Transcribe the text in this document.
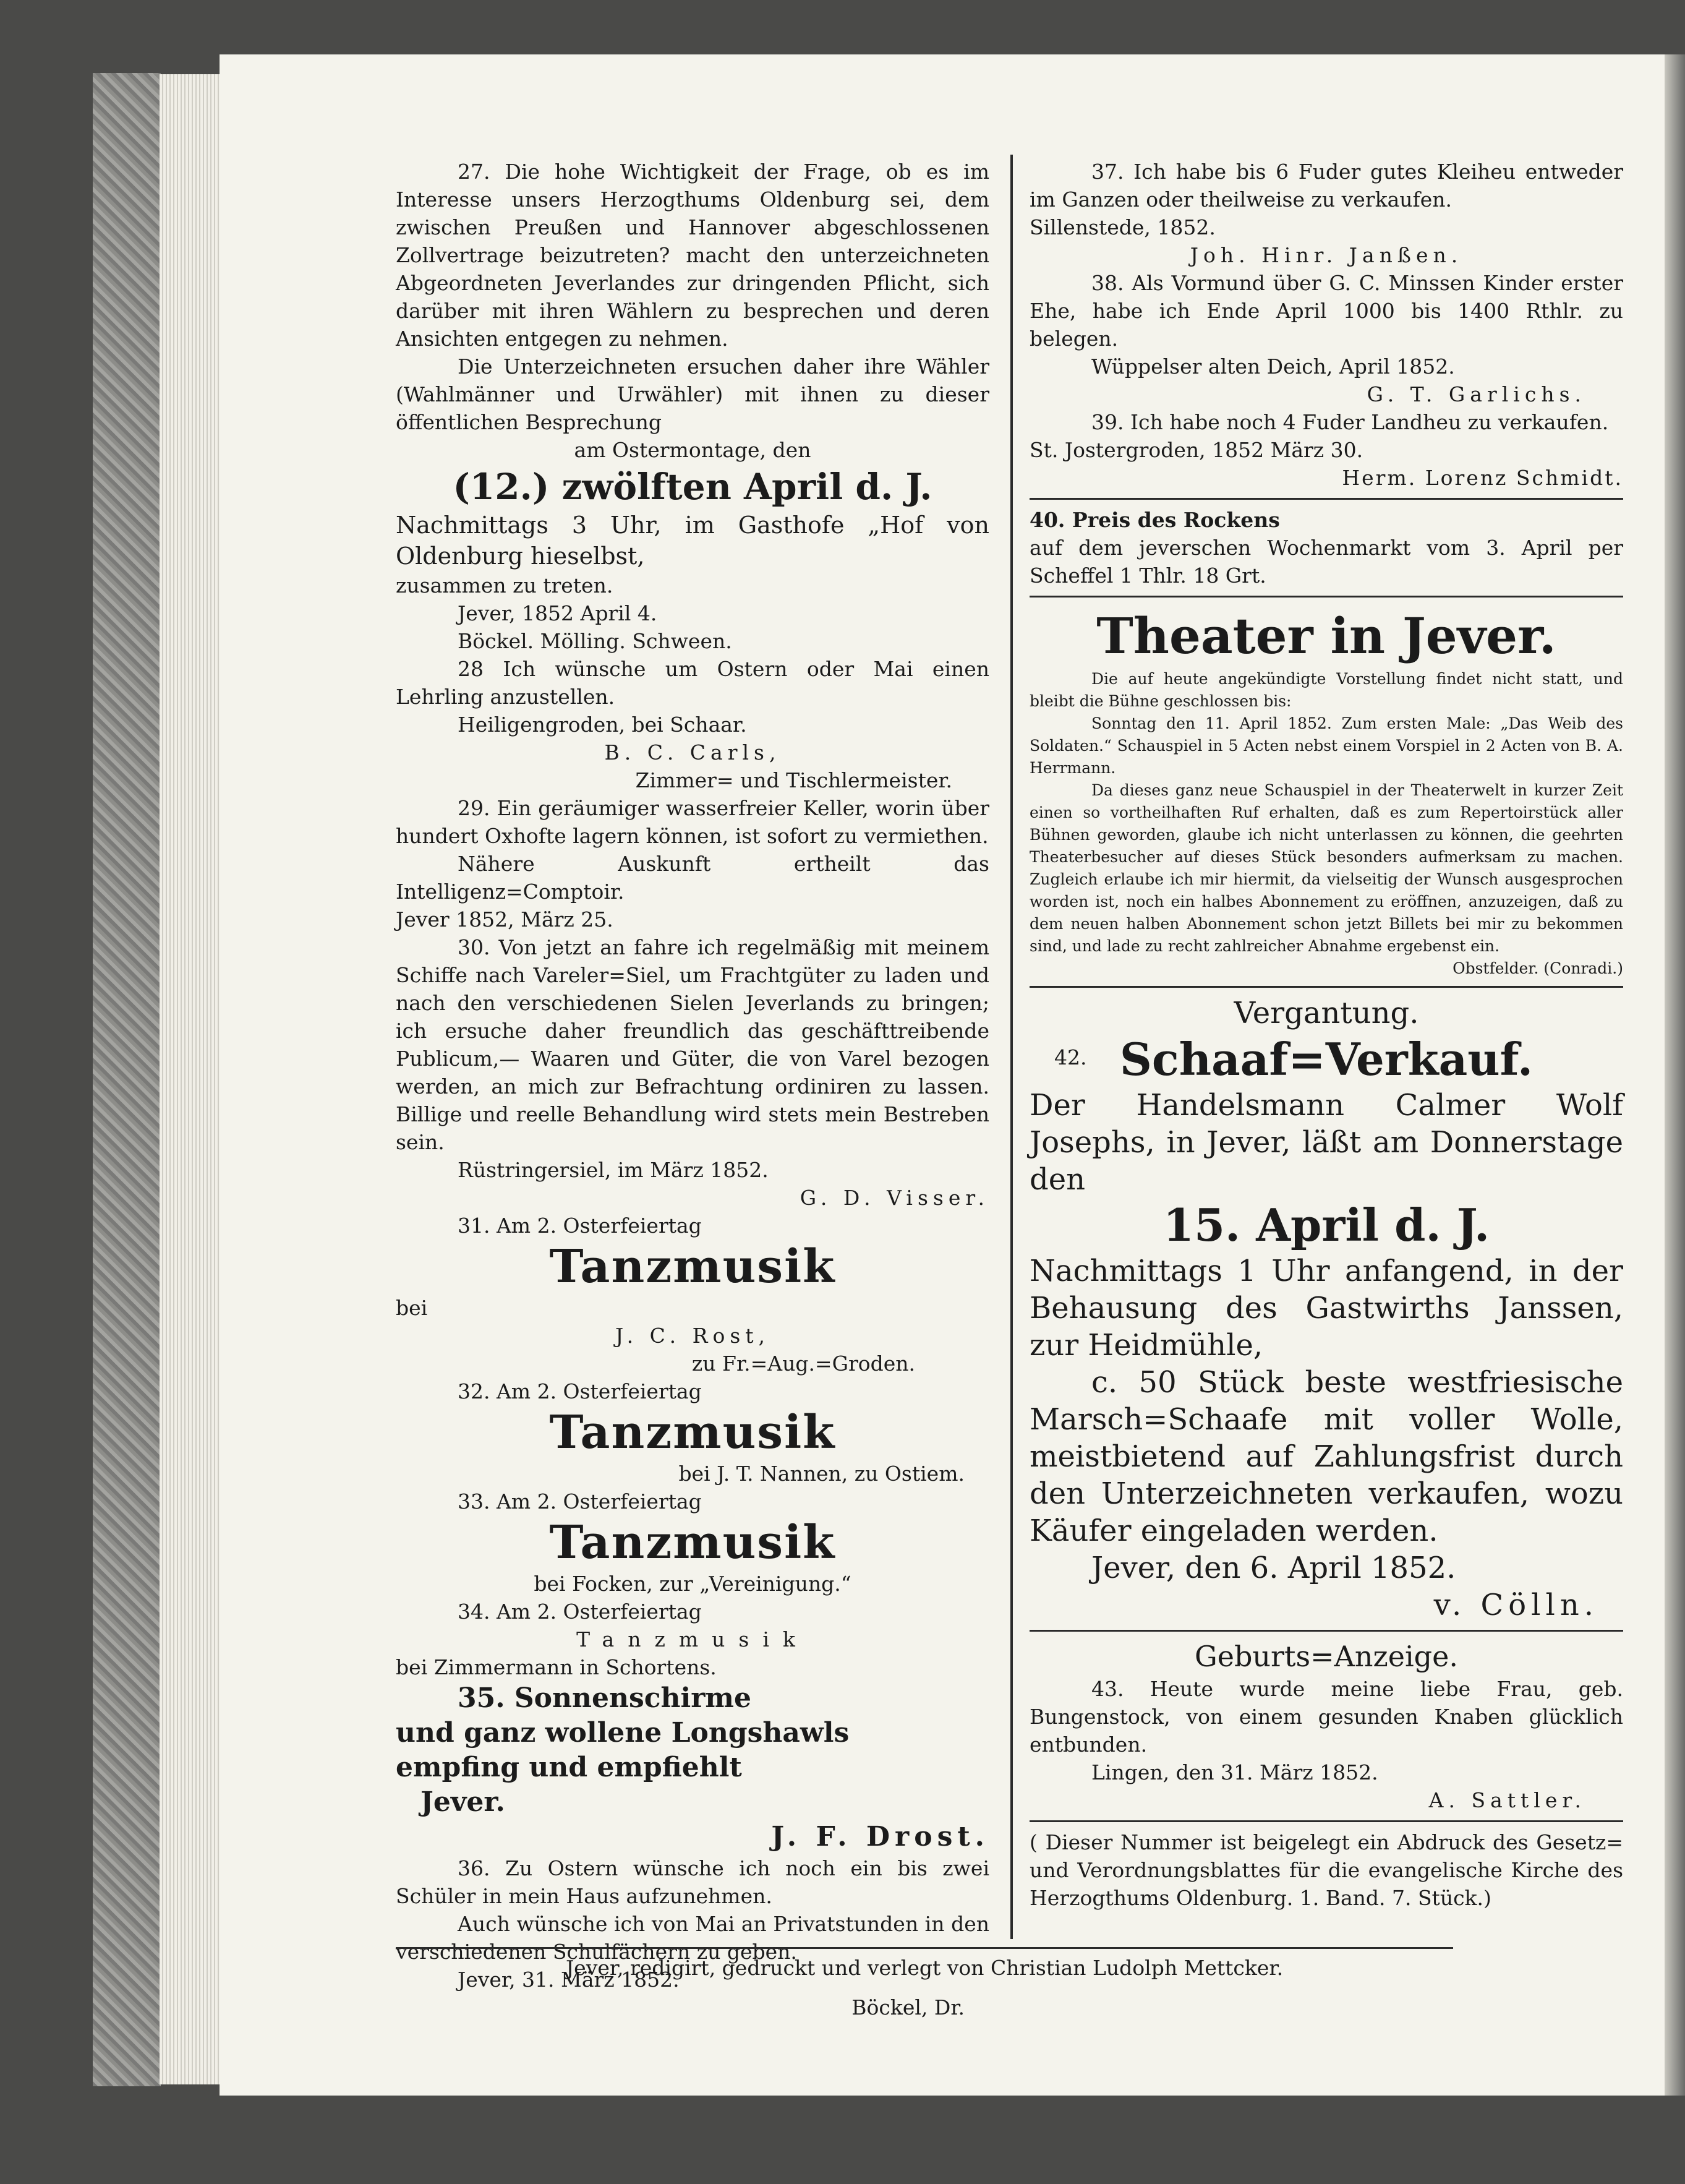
27. Die hohe Wichtigkeit der Frage, ob es im Interesse unsers Herzogthums Oldenburg sei, dem zwischen Preußen und Hannover abgeschlossenen Zollvertrage beizutreten? macht den unterzeichneten Abgeordneten Jeverlandes zur dringenden Pflicht, sich darüber mit ihren Wählern zu besprechen und deren Ansichten entgegen zu nehmen.

Die Unterzeichneten ersuchen daher ihre Wähler (Wahlmänner und Urwähler) mit ihnen zu dieser öffentlichen Besprechung

am Ostermontage, den

(12.) zwölften April d. J.

Nachmittags 3 Uhr, im Gasthofe „Hof von Oldenburg hieselbst,

zusammen zu treten.

Jever, 1852 April 4.

Böckel. Mölling. Schween.

28 Ich wünsche um Ostern oder Mai einen Lehrling anzustellen.

Heiligengroden, bei Schaar.

B. C. Carls,

Zimmer= und Tischlermeister.

29. Ein geräumiger wasserfreier Keller, worin über hundert Oxhofte lagern können, ist sofort zu vermiethen.

Nähere Auskunft ertheilt das Intelligenz=Comptoir.

Jever 1852, März 25.

30. Von jetzt an fahre ich regelmäßig mit meinem Schiffe nach Vareler=Siel, um Frachtgüter zu laden und nach den verschiedenen Sielen Jeverlands zu bringen; ich ersuche daher freundlich das geschäfttreibende Publicum,— Waaren und Güter, die von Varel bezogen werden, an mich zur Befrachtung ordiniren zu lassen. Billige und reelle Behandlung wird stets mein Bestreben sein.

Rüstringersiel, im März 1852.

G. D. Visser.

31. Am 2. Osterfeiertag

Tanzmusik

bei

J. C. Rost,

zu Fr.=Aug.=Groden.

32. Am 2. Osterfeiertag

Tanzmusik

bei J. T. Nannen, zu Ostiem.

33. Am 2. Osterfeiertag

Tanzmusik

bei Focken, zur „Vereinigung.“

34. Am 2. Osterfeiertag

Tanzmusik

bei Zimmermann in Schortens.

35. Sonnenschirme

und ganz wollene Longshawls

empfing und empfiehlt

Jever.

J. F. Drost.

36. Zu Ostern wünsche ich noch ein bis zwei Schüler in mein Haus aufzunehmen.

Auch wünsche ich von Mai an Privatstunden in den verschiedenen Schulfächern zu geben.

Jever, 31. März 1852.

Böckel, Dr.

37. Ich habe bis 6 Fuder gutes Kleiheu entweder im Ganzen oder theilweise zu verkaufen.

Sillenstede, 1852.

Joh. Hinr. Janßen.

38. Als Vormund über G. C. Minssen Kinder erster Ehe, habe ich Ende April 1000 bis 1400 Rthlr. zu belegen.

Wüppelser alten Deich, April 1852.

G. T. Garlichs.

39. Ich habe noch 4 Fuder Landheu zu verkaufen.

St. Jostergroden, 1852 März 30.

Herm. Lorenz Schmidt.

40. Preis des Rockens

auf dem jeverschen Wochenmarkt vom 3. April per Scheffel 1 Thlr. 18 Grt.

Theater in Jever.

Die auf heute angekündigte Vorstellung findet nicht statt, und bleibt die Bühne geschlossen bis:

Sonntag den 11. April 1852. Zum ersten Male: „Das Weib des Soldaten.“ Schauspiel in 5 Acten nebst einem Vorspiel in 2 Acten von B. A. Herrmann.

Da dieses ganz neue Schauspiel in der Theaterwelt in kurzer Zeit einen so vortheilhaften Ruf erhalten, daß es zum Repertoirstück aller Bühnen geworden, glaube ich nicht unterlassen zu können, die geehrten Theaterbesucher auf dieses Stück besonders aufmerksam zu machen. Zugleich erlaube ich mir hiermit, da vielseitig der Wunsch ausgesprochen worden ist, noch ein halbes Abonnement zu eröffnen, anzuzeigen, daß zu dem neuen halben Abonnement schon jetzt Billets bei mir zu bekommen sind, und lade zu recht zahlreicher Abnahme ergebenst ein.

Obstfelder. (Conradi.)

Vergantung.

42. Schaaf=Verkauf.

Der Handelsmann Calmer Wolf Josephs, in Jever, läßt am Donnerstage den

15. April d. J.

Nachmittags 1 Uhr anfangend, in der Behausung des Gastwirths Janssen, zur Heidmühle,

c. 50 Stück beste westfriesische Marsch=Schaafe mit voller Wolle, meistbietend auf Zahlungsfrist durch den Unterzeichneten verkaufen, wozu Käufer eingeladen werden.

Jever, den 6. April 1852.

v. Cölln.

Geburts=Anzeige.

43. Heute wurde meine liebe Frau, geb. Bungenstock, von einem gesunden Knaben glücklich entbunden.

Lingen, den 31. März 1852.

A. Sattler.

( Dieser Nummer ist beigelegt ein Abdruck des Gesetz= und Verordnungsblattes für die evangelische Kirche des Herzogthums Oldenburg. 1. Band. 7. Stück.)

Jever, redigirt, gedruckt und verlegt von Christian Ludolph Mettcker.
